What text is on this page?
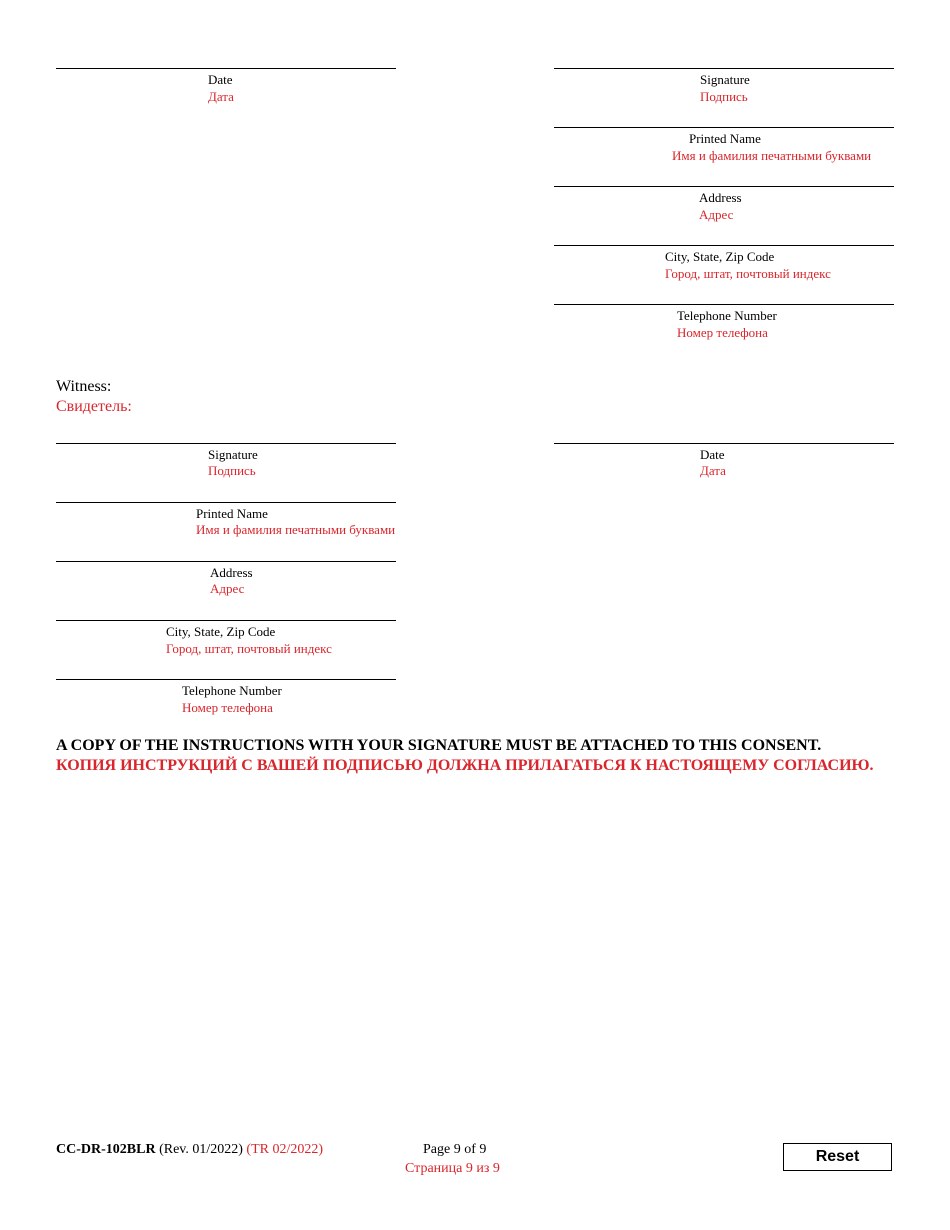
Date
Дата
Signature
Подпись
Printed Name
Имя и фамилия печатными буквами
Address
Адрес
City, State, Zip Code
Город, штат, почтовый индекс
Telephone Number
Номер телефона
Witness:
Свидетель:
Signature
Подпись
Printed Name
Имя и фамилия печатными буквами
Address
Адрес
City, State, Zip Code
Город, штат, почтовый индекс
Telephone Number
Номер телефона
Date
Дата
A COPY OF THE INSTRUCTIONS WITH YOUR SIGNATURE MUST BE ATTACHED TO THIS CONSENT.
КОПИЯ ИНСТРУКЦИЙ С ВАШЕЙ ПОДПИСЬЮ ДОЛЖНА ПРИЛАГАТЬСЯ К НАСТОЯЩЕМУ СОГЛАСИЮ.
CC-DR-102BLR (Rev. 01/2022) (TR 02/2022)	Page 9 of 9
Страница 9 из 9
Reset
